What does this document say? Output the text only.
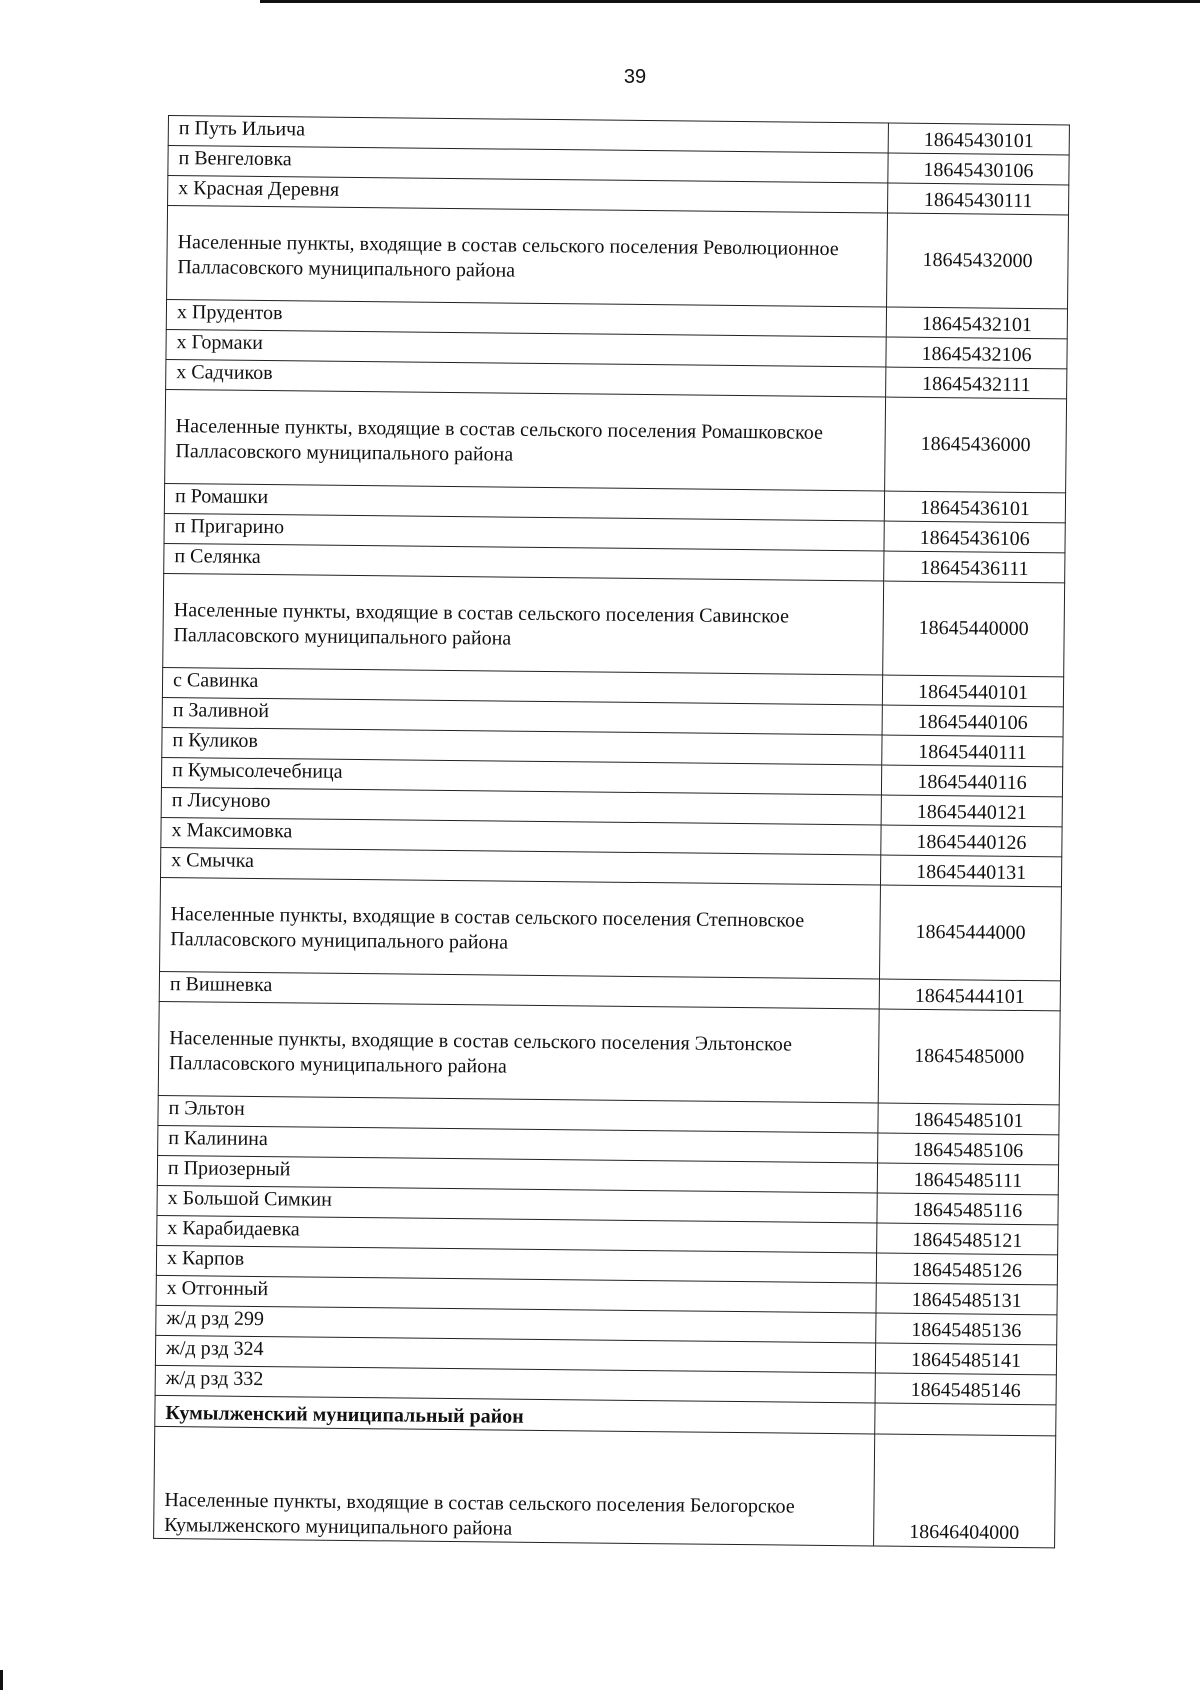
39
п Путь Ильича	18645430101
п Венгеловка	18645430106
х Красная Деревня	18645430111
Населенные пункты, входящие в состав сельского поселения Революционное Палласовского муниципального района	18645432000
х Прудентов	18645432101
х Гормаки	18645432106
х Садчиков	18645432111
Населенные пункты, входящие в состав сельского поселения Ромашковское Палласовского муниципального района	18645436000
п Ромашки	18645436101
п Пригарино	18645436106
п Селянка	18645436111
Населенные пункты, входящие в состав сельского поселения Савинское Палласовского муниципального района	18645440000
с Савинка	18645440101
п Заливной	18645440106
п Куликов	18645440111
п Кумысолечебница	18645440116
п Лисуново	18645440121
х Максимовка	18645440126
х Смычка	18645440131
Населенные пункты, входящие в состав сельского поселения Степновское Палласовского муниципального района	18645444000
п Вишневка	18645444101
Населенные пункты, входящие в состав сельского поселения Эльтонское Палласовского муниципального района	18645485000
п Эльтон	18645485101
п Калинина	18645485106
п Приозерный	18645485111
х Большой Симкин	18645485116
х Карабидаевка	18645485121
х Карпов	18645485126
х Отгонный	18645485131
ж/д рзд 299	18645485136
ж/д рзд 324	18645485141
ж/д рзд 332	18645485146
Кумылженский муниципальный район	
Населенные пункты, входящие в состав сельского поселения Белогорское Кумылженского муниципального района	18646404000
